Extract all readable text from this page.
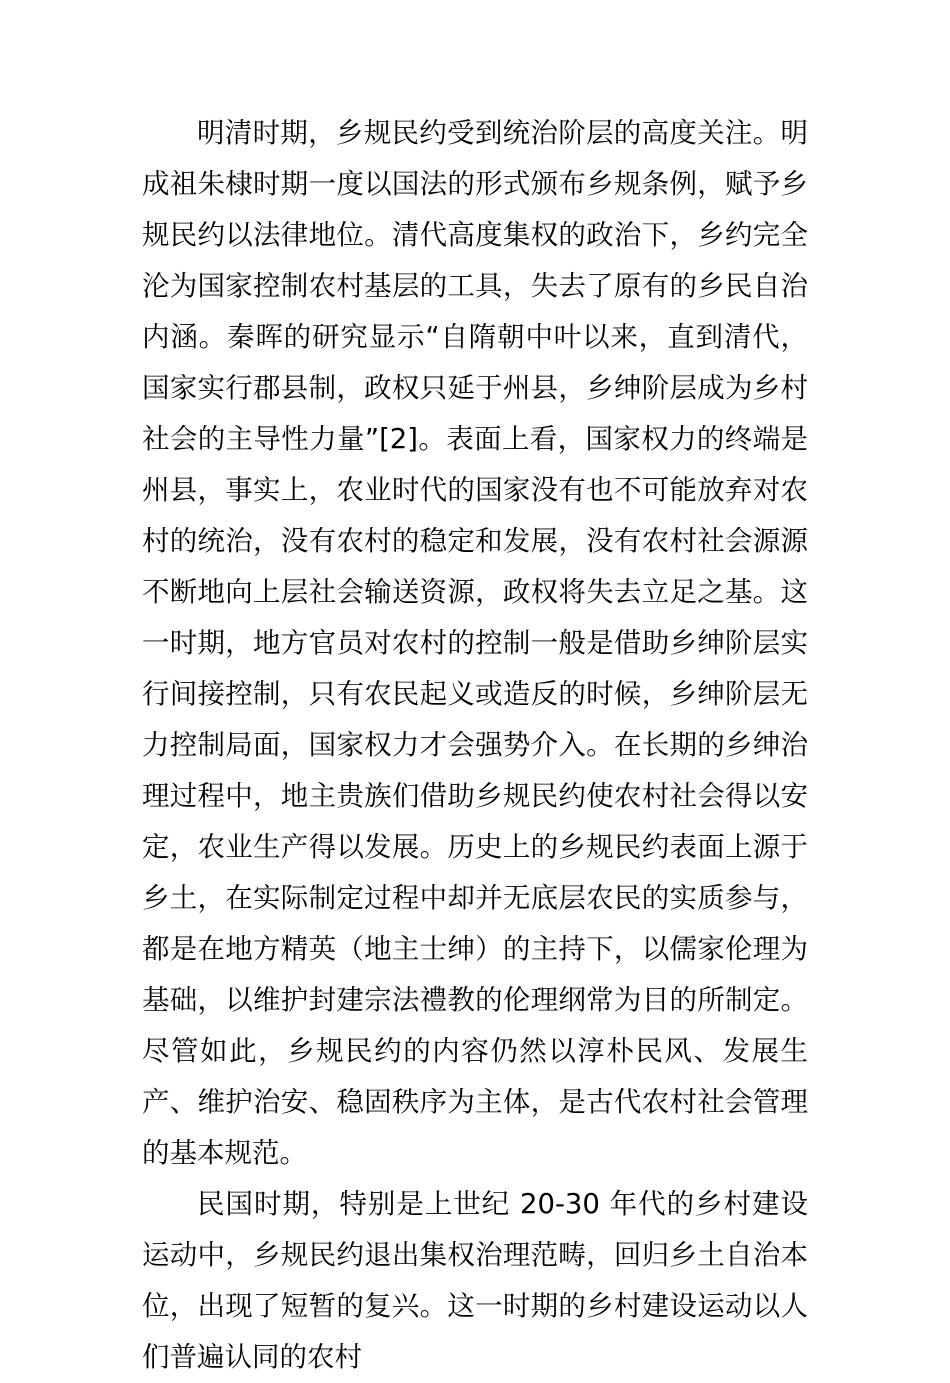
明清时期，乡规民约受到统治阶层的高度关注。明成祖朱棣时期一度以国法的形式颁布乡规条例，赋予乡规民约以法律地位。清代高度集权的政治下，乡约完全沦为国家控制农村基层的工具，失去了原有的乡民自治内涵。秦晖的研究显示“自隋朝中叶以来，直到清代，国家实行郡县制，政权只延于州县，乡绅阶层成为乡村社会的主导性力量”[2]。表面上看，国家权力的终端是州县，事实上，农业时代的国家没有也不可能放弃对农村的统治，没有农村的稳定和发展，没有农村社会源源不断地向上层社会输送资源，政权将失去立足之基。这一时期，地方官员对农村的控制一般是借助乡绅阶层实行间接控制，只有农民起义或造反的时候，乡绅阶层无力控制局面，国家权力才会强势介入。在长期的乡绅治理过程中，地主贵族们借助乡规民约使农村社会得以安定，农业生产得以发展。历史上的乡规民约表面上源于乡土，在实际制定过程中却并无底层农民的实质参与，都是在地方精英（地主士绅）的主持下，以儒家伦理为基础，以维护封建宗法禮教的伦理纲常为目的所制定。尽管如此，乡规民约的内容仍然以淳朴民风、发展生产、维护治安、稳固秩序为主体，是古代农村社会管理的基本规范。

民国时期，特别是上世纪 20-30 年代的乡村建设运动中，乡规民约退出集权治理范畴，回归乡土自治本位，出现了短暂的复兴。这一时期的乡村建设运动以人们普遍认同的农村
